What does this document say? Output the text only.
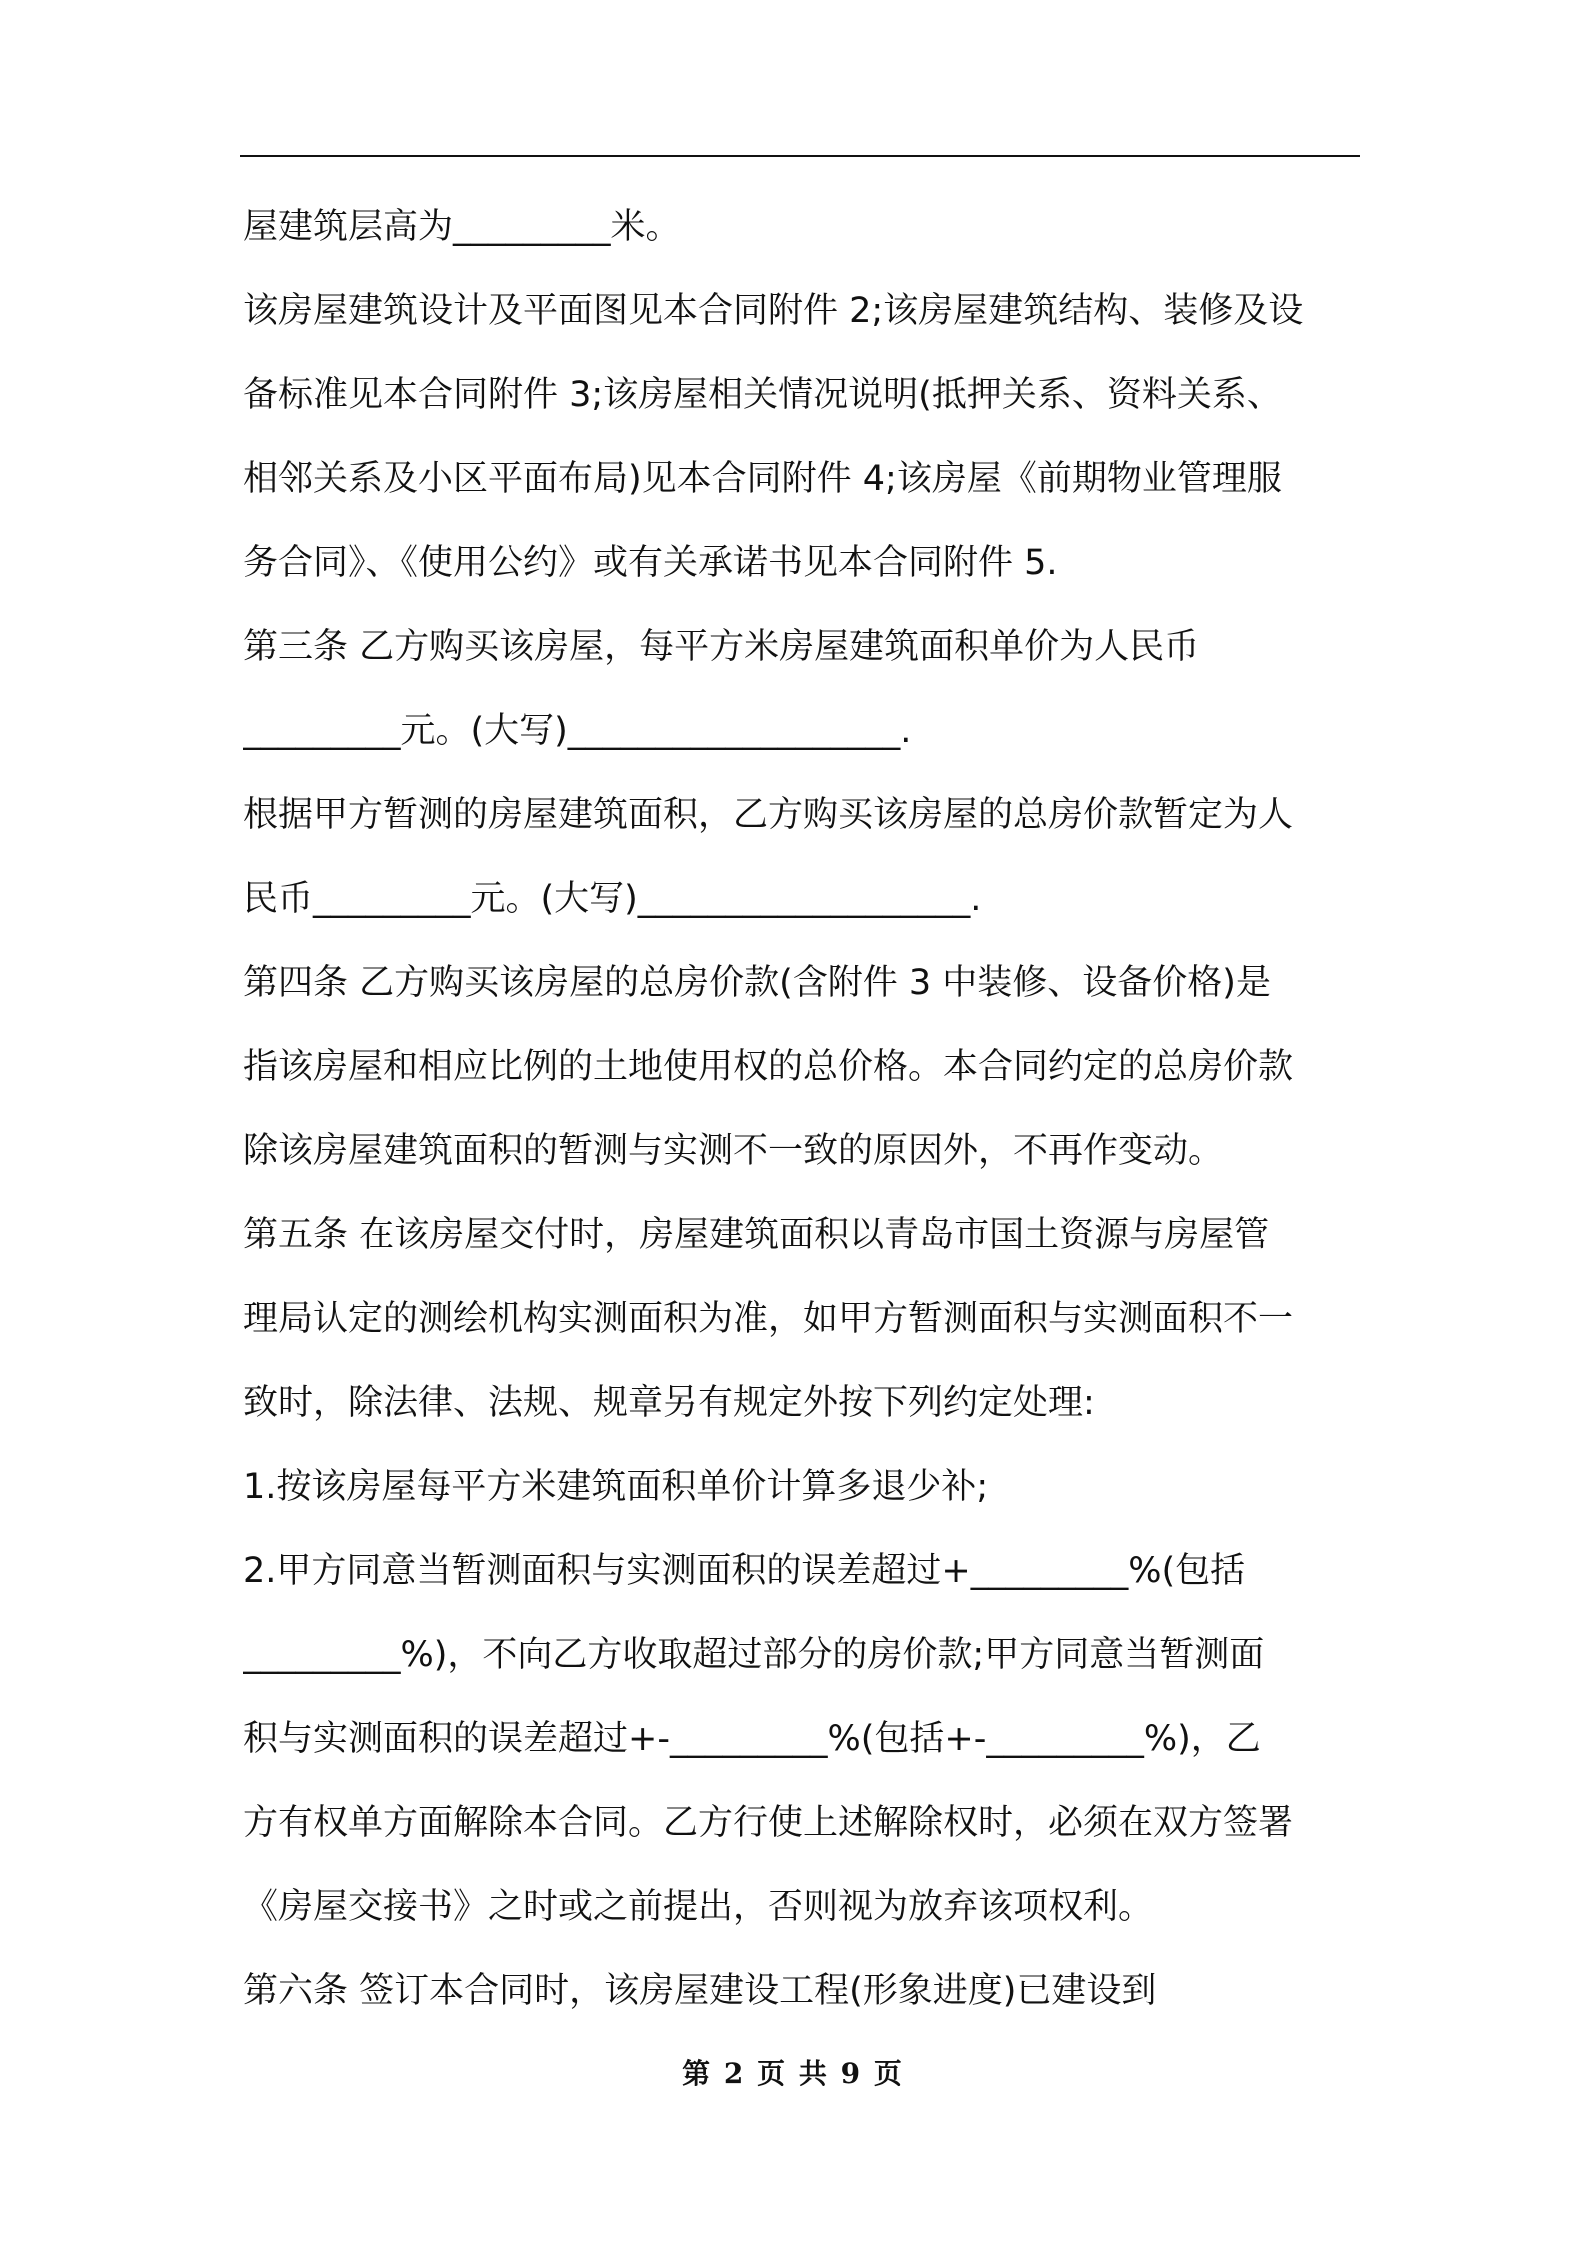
屋建筑层高为_________米。
该房屋建筑设计及平面图见本合同附件 2;该房屋建筑结构、装修及设
备标准见本合同附件 3;该房屋相关情况说明(抵押关系、资料关系、
相邻关系及小区平面布局)见本合同附件 4;该房屋《前期物业管理服
务合同》、《使用公约》或有关承诺书见本合同附件 5.
第三条 乙方购买该房屋，每平方米房屋建筑面积单价为人民币
_________元。(大写)___________________.
根据甲方暂测的房屋建筑面积，乙方购买该房屋的总房价款暂定为人
民币_________元。(大写)___________________.
第四条 乙方购买该房屋的总房价款(含附件 3 中装修、设备价格)是
指该房屋和相应比例的土地使用权的总价格。本合同约定的总房价款
除该房屋建筑面积的暂测与实测不一致的原因外，不再作变动。
第五条 在该房屋交付时，房屋建筑面积以青岛市国土资源与房屋管
理局认定的测绘机构实测面积为准，如甲方暂测面积与实测面积不一
致时，除法律、法规、规章另有规定外按下列约定处理:
1.按该房屋每平方米建筑面积单价计算多退少补;
2.甲方同意当暂测面积与实测面积的误差超过+_________%(包括
_________%)，不向乙方收取超过部分的房价款;甲方同意当暂测面
积与实测面积的误差超过+-_________%(包括+-_________%)，乙
方有权单方面解除本合同。乙方行使上述解除权时，必须在双方签署
《房屋交接书》之时或之前提出，否则视为放弃该项权利。
第六条 签订本合同时，该房屋建设工程(形象进度)已建设到
第 2 页 共 9 页
